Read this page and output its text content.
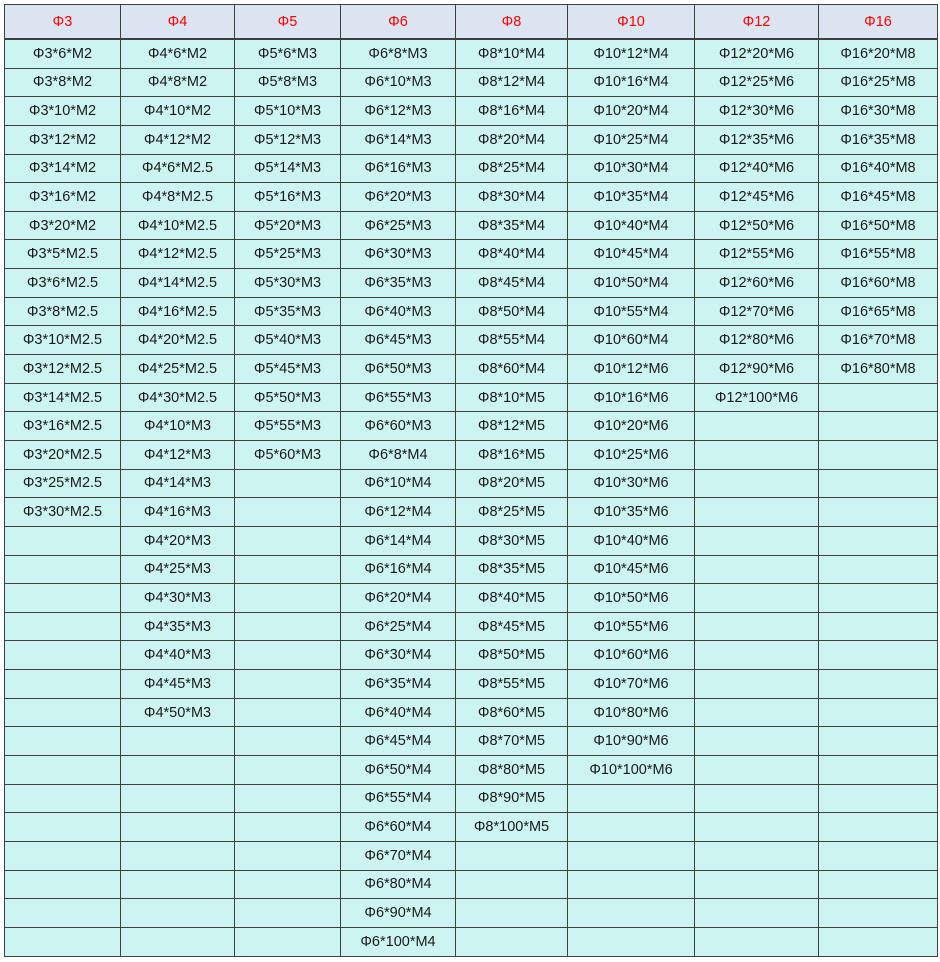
Φ3	Φ4	Φ5	Φ6	Φ8	Φ10	Φ12	Φ16
Φ3*6*M2	Φ4*6*M2	Φ5*6*M3	Φ6*8*M3	Φ8*10*M4	Φ10*12*M4	Φ12*20*M6	Φ16*20*M8
Φ3*8*M2	Φ4*8*M2	Φ5*8*M3	Φ6*10*M3	Φ8*12*M4	Φ10*16*M4	Φ12*25*M6	Φ16*25*M8
Φ3*10*M2	Φ4*10*M2	Φ5*10*M3	Φ6*12*M3	Φ8*16*M4	Φ10*20*M4	Φ12*30*M6	Φ16*30*M8
Φ3*12*M2	Φ4*12*M2	Φ5*12*M3	Φ6*14*M3	Φ8*20*M4	Φ10*25*M4	Φ12*35*M6	Φ16*35*M8
Φ3*14*M2	Φ4*6*M2.5	Φ5*14*M3	Φ6*16*M3	Φ8*25*M4	Φ10*30*M4	Φ12*40*M6	Φ16*40*M8
Φ3*16*M2	Φ4*8*M2.5	Φ5*16*M3	Φ6*20*M3	Φ8*30*M4	Φ10*35*M4	Φ12*45*M6	Φ16*45*M8
Φ3*20*M2	Φ4*10*M2.5	Φ5*20*M3	Φ6*25*M3	Φ8*35*M4	Φ10*40*M4	Φ12*50*M6	Φ16*50*M8
Φ3*5*M2.5	Φ4*12*M2.5	Φ5*25*M3	Φ6*30*M3	Φ8*40*M4	Φ10*45*M4	Φ12*55*M6	Φ16*55*M8
Φ3*6*M2.5	Φ4*14*M2.5	Φ5*30*M3	Φ6*35*M3	Φ8*45*M4	Φ10*50*M4	Φ12*60*M6	Φ16*60*M8
Φ3*8*M2.5	Φ4*16*M2.5	Φ5*35*M3	Φ6*40*M3	Φ8*50*M4	Φ10*55*M4	Φ12*70*M6	Φ16*65*M8
Φ3*10*M2.5	Φ4*20*M2.5	Φ5*40*M3	Φ6*45*M3	Φ8*55*M4	Φ10*60*M4	Φ12*80*M6	Φ16*70*M8
Φ3*12*M2.5	Φ4*25*M2.5	Φ5*45*M3	Φ6*50*M3	Φ8*60*M4	Φ10*12*M6	Φ12*90*M6	Φ16*80*M8
Φ3*14*M2.5	Φ4*30*M2.5	Φ5*50*M3	Φ6*55*M3	Φ8*10*M5	Φ10*16*M6	Φ12*100*M6	
Φ3*16*M2.5	Φ4*10*M3	Φ5*55*M3	Φ6*60*M3	Φ8*12*M5	Φ10*20*M6		
Φ3*20*M2.5	Φ4*12*M3	Φ5*60*M3	Φ6*8*M4	Φ8*16*M5	Φ10*25*M6		
Φ3*25*M2.5	Φ4*14*M3		Φ6*10*M4	Φ8*20*M5	Φ10*30*M6		
Φ3*30*M2.5	Φ4*16*M3		Φ6*12*M4	Φ8*25*M5	Φ10*35*M6		
	Φ4*20*M3		Φ6*14*M4	Φ8*30*M5	Φ10*40*M6		
	Φ4*25*M3		Φ6*16*M4	Φ8*35*M5	Φ10*45*M6		
	Φ4*30*M3		Φ6*20*M4	Φ8*40*M5	Φ10*50*M6		
	Φ4*35*M3		Φ6*25*M4	Φ8*45*M5	Φ10*55*M6		
	Φ4*40*M3		Φ6*30*M4	Φ8*50*M5	Φ10*60*M6		
	Φ4*45*M3		Φ6*35*M4	Φ8*55*M5	Φ10*70*M6		
	Φ4*50*M3		Φ6*40*M4	Φ8*60*M5	Φ10*80*M6		
			Φ6*45*M4	Φ8*70*M5	Φ10*90*M6		
			Φ6*50*M4	Φ8*80*M5	Φ10*100*M6		
			Φ6*55*M4	Φ8*90*M5			
			Φ6*60*M4	Φ8*100*M5			
			Φ6*70*M4				
			Φ6*80*M4				
			Φ6*90*M4				
			Φ6*100*M4				
